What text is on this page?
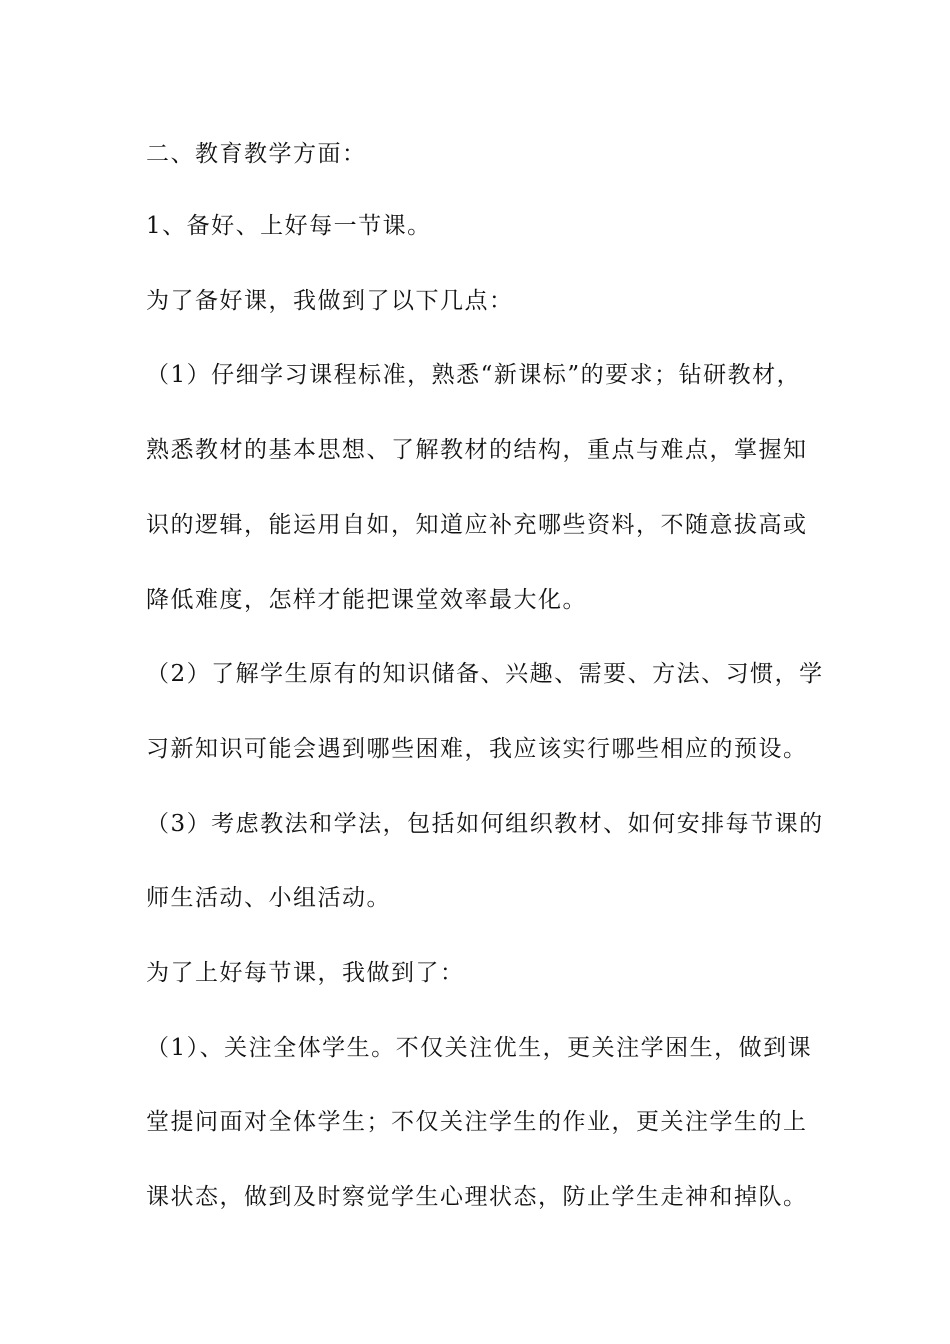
二、教育教学方面：
1、备好、上好每一节课。
为了备好课，我做到了以下几点：
（1）仔细学习课程标准，熟悉“新课标”的要求；钻研教材，
熟悉教材的基本思想、了解教材的结构，重点与难点，掌握知
识的逻辑，能运用自如，知道应补充哪些资料，不随意拔高或
降低难度，怎样才能把课堂效率最大化。
（2）了解学生原有的知识储备、兴趣、需要、方法、习惯，学
习新知识可能会遇到哪些困难，我应该实行哪些相应的预设。
（3）考虑教法和学法，包括如何组织教材、如何安排每节课的
师生活动、小组活动。
为了上好每节课，我做到了：
（1）、关注全体学生。不仅关注优生，更关注学困生，做到课
堂提问面对全体学生；不仅关注学生的作业，更关注学生的上
课状态，做到及时察觉学生心理状态，防止学生走神和掉队。
